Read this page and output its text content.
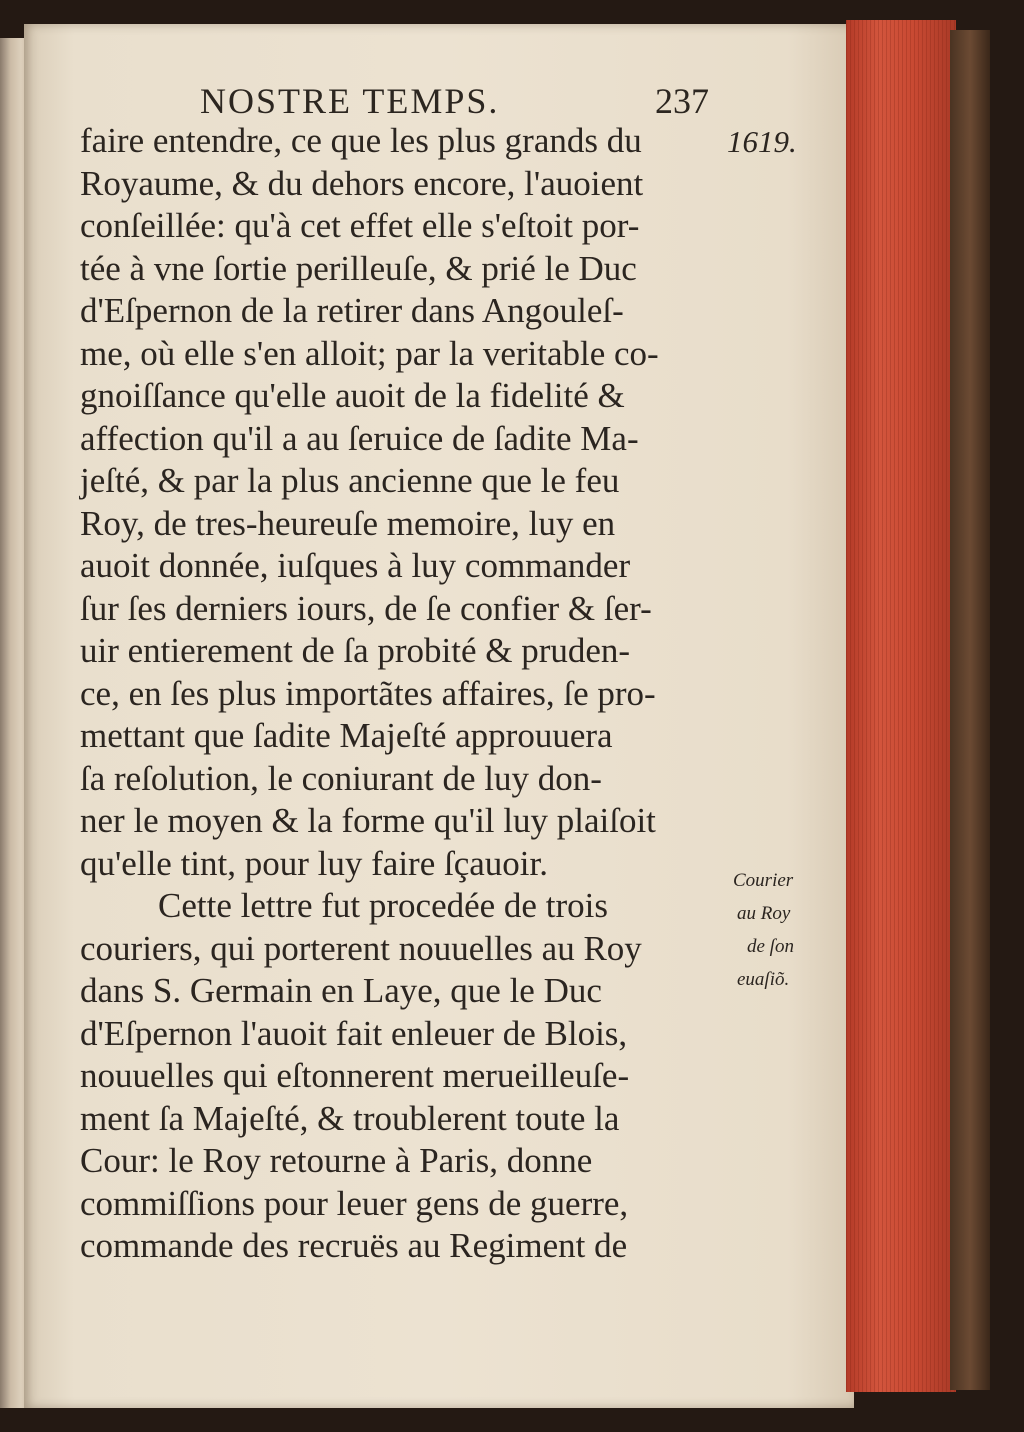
NOSTRE TEMPS.	237
1619.
faire entendre, ce que les plus grands du
Royaume, & du dehors encore, l'auoient
conſeillée: qu'à cet effet elle s'eſtoit por-
tée à vne ſortie perilleuſe, & prié le Duc
d'Eſpernon de la retirer dans Angouleſ-
me, où elle s'en alloit; par la veritable co-
gnoiſſance qu'elle auoit de la fidelité &
affection qu'il a au ſeruice de ſadite Ma-
jeſté, & par la plus ancienne que le feu
Roy, de tres-heureuſe memoire, luy en
auoit donnée, iuſques à luy commander
ſur ſes derniers iours, de ſe confier & ſer-
uir entierement de ſa probité & pruden-
ce, en ſes plus importãtes affaires, ſe pro-
mettant que ſadite Majeſté approuuera
ſa reſolution, le coniurant de luy don-
ner le moyen & la forme qu'il luy plaiſoit
qu'elle tint, pour luy faire ſçauoir.
Cette lettre fut procedée de trois
couriers, qui porterent nouuelles au Roy
dans S. Germain en Laye, que le Duc
d'Eſpernon l'auoit fait enleuer de Blois,
nouuelles qui eſtonnerent merueilleuſe-
ment ſa Majeſté, & troublerent toute la
Cour: le Roy retourne à Paris, donne
commiſſions pour leuer gens de guerre,
commande des recruës au Regiment de
Courier
au Roy
de ſon
euaſiõ.
